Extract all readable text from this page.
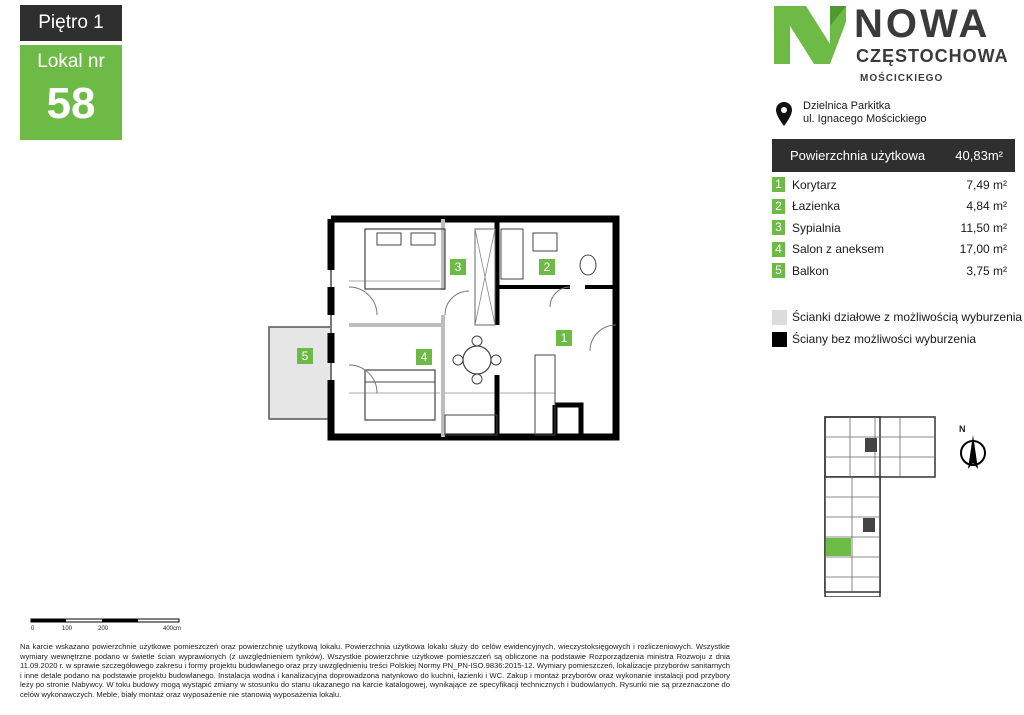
Piętro 1
Lokal nr
58
NOWA
CZĘSTOCHOWA
MOŚCICKIEGO
Dzielnica Parkitka
ul. Ignacego Mościckiego
Powierzchnia użytkowa 40,83m²
1 Korytarz	7,49 m²
2 Łazienka	4,84 m²
3 Sypialnia	11,50 m²
4 Salon z aneksem	17,00 m²
5 Balkon	3,75 m²
Ścianki działowe z możliwością wyburzenia
Ściany bez możliwości wyburzenia
3	2
1
4
5
N
0	100	200	400cm
Na karcie wskazano powierzchnie użytkowe pomieszczeń oraz powierzchnię użytkową lokalu. Powierzchnia użytkowa lokalu służy do celów ewidencyjnych, wieczystoksięgowych i rozliczeniowych. Wszystkie wymiary wewnętrzne podano w świetle ścian wyprawionych (z uwzględnieniem tynków). Wszystkie powierzchnie użytkowe pomieszczeń są obliczone na podstawie Rozporządzenia ministra Rozwoju z dnia 11.09.2020 r. w sprawie szczegółowego zakresu i formy projektu budowlanego oraz przy uwzględnieniu treści Polskiej Normy PN_PN-ISO.9836:2015-12. Wymiary pomieszczeń, lokalizacje przyborów sanitarnych i inne detale podano na podstawie projektu budowlanego. Instalacja wodna i kanalizacyjna doprowadzona natynkowo do kuchni, łazienki i WC. Zakup i montaż przyborów oraz wykonanie instalacji pod przybory leży po stronie Nabywcy. W toku budowy mogą wystąpić zmiany w stosunku do stanu ukazanego na karcie katalogowej, wynikające ze specyfikacji technicznych i budowlanych. Rysunki nie są przeznaczone do celów wykonawczych. Meble, biały montaż oraz wyposażenie nie stanowią wyposażenia lokalu.
